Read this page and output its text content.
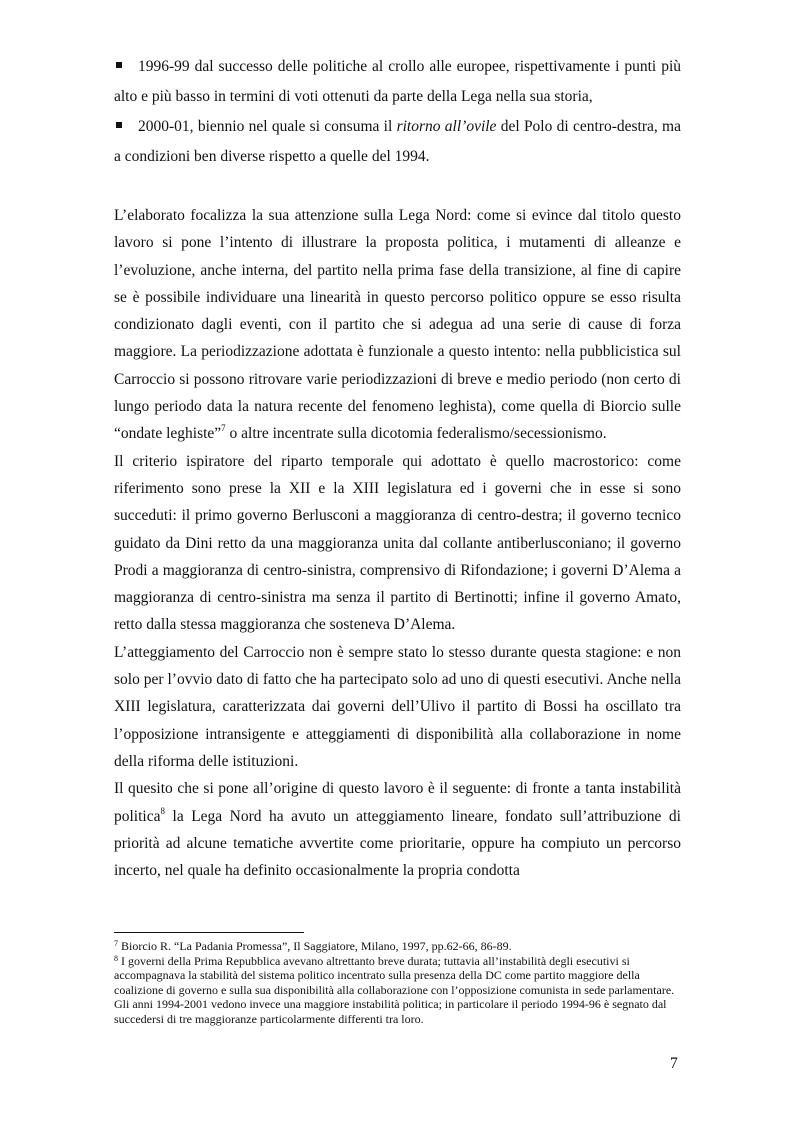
1996-99 dal successo delle politiche al crollo alle europee, rispettivamente i punti più alto e più basso in termini di voti ottenuti da parte della Lega nella sua storia,
2000-01, biennio nel quale si consuma il ritorno all’ovile del Polo di centro-destra, ma a condizioni ben diverse rispetto a quelle del 1994.

L’elaborato focalizza la sua attenzione sulla Lega Nord: come si evince dal titolo questo lavoro si pone l’intento di illustrare la proposta politica, i mutamenti di alleanze e l’evoluzione, anche interna, del partito nella prima fase della transizione, al fine di capire se è possibile individuare una linearità in questo percorso politico oppure se esso risulta condizionato dagli eventi, con il partito che si adegua ad una serie di cause di forza maggiore. La periodizzazione adottata è funzionale a questo intento: nella pubblicistica sul Carroccio si possono ritrovare varie periodizzazioni di breve e medio periodo (non certo di lungo periodo data la natura recente del fenomeno leghista), come quella di Biorcio sulle “ondate leghiste”$^7$ o altre incentrate sulla dicotomia federalismo/secessionismo.

Il criterio ispiratore del riparto temporale qui adottato è quello macrostorico: come riferimento sono prese la XII e la XIII legislatura ed i governi che in esse si sono succeduti: il primo governo Berlusconi a maggioranza di centro-destra; il governo tecnico guidato da Dini retto da una maggioranza unita dal collante antiberlusconiano; il governo Prodi a maggioranza di centro-sinistra, comprensivo di Rifondazione; i governi D’Alema a maggioranza di centro-sinistra ma senza il partito di Bertinotti; infine il governo Amato, retto dalla stessa maggioranza che sosteneva D’Alema.

L’atteggiamento del Carroccio non è sempre stato lo stesso durante questa stagione: e non solo per l’ovvio dato di fatto che ha partecipato solo ad uno di questi esecutivi. Anche nella XIII legislatura, caratterizzata dai governi dell’Ulivo il partito di Bossi ha oscillato tra l’opposizione intransigente e atteggiamenti di disponibilità alla collaborazione in nome della riforma delle istituzioni.

Il quesito che si pone all’origine di questo lavoro è il seguente: di fronte a tanta instabilità politica$^8$ la Lega Nord ha avuto un atteggiamento lineare, fondato sull’attribuzione di priorità ad alcune tematiche avvertite come prioritarie, oppure ha compiuto un percorso incerto, nel quale ha definito occasionalmente la propria condotta

$^7$ Biorcio R. “La Padania Promessa”, Il Saggiatore, Milano, 1997, pp.62-66, 86-89.

$^8$ I governi della Prima Repubblica avevano altrettanto breve durata; tuttavia all’instabilità degli esecutivi si accompagnava la stabilità del sistema politico incentrato sulla presenza della DC come partito maggiore della coalizione di governo e sulla sua disponibilità alla collaborazione con l’opposizione comunista in sede parlamentare. Gli anni 1994-2001 vedono invece una maggiore instabilità politica; in particolare il periodo 1994-96 è segnato dal succedersi di tre maggioranze particolarmente differenti tra loro.

7
